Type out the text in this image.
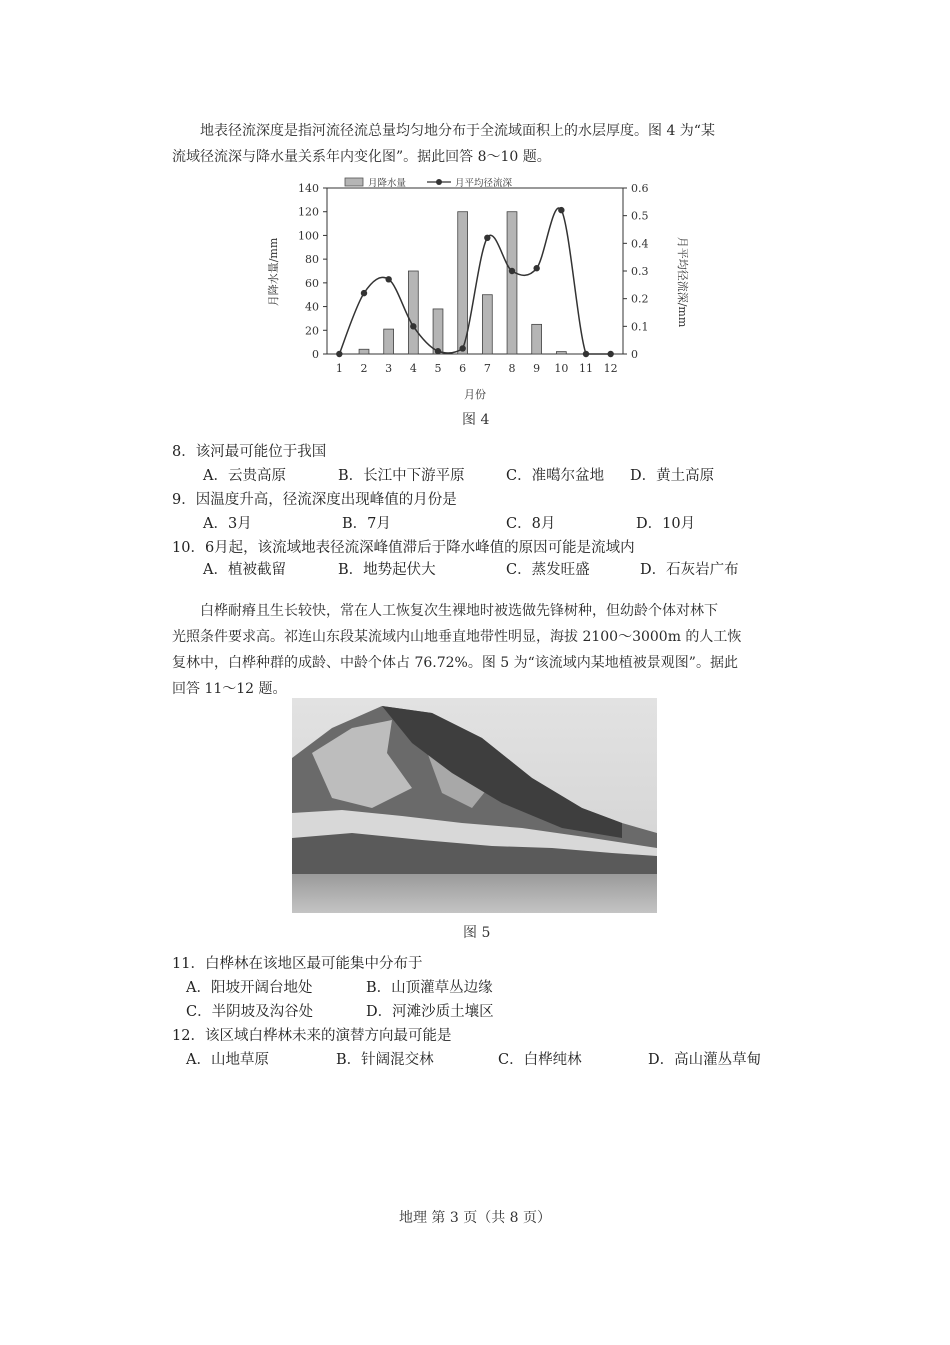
地表径流深度是指河流径流总量均匀地分布于全流域面积上的水层厚度。图 4 为“某

流域径流深与降水量关系年内变化图”。据此回答 8～10 题。
月降水量	月平均径流深
月降水量/mm	月平均径流深/mm
月份
0
20
40
60
80
100
120
140
0
0.1
0.2
0.3
0.4
0.5
0.6
1 2 3 4 5 6 7 8 9 10 11 12
图 4
8．该河最可能位于我国
A．云贵高原	B．长江中下游平原	C．准噶尔盆地 D．黄土高原
9．因温度升高，径流深度出现峰值的月份是
A．3月	B．7月	C．8月	D．10月
10．6月起，该流域地表径流深峰值滞后于降水峰值的原因可能是流域内
A．植被截留	B．地势起伏大	C．蒸发旺盛	D．石灰岩广布

白桦耐瘠且生长较快，常在人工恢复次生裸地时被选做先锋树种，但幼龄个体对林下

光照条件要求高。祁连山东段某流域内山地垂直地带性明显，海拔 2100～3000m 的人工恢
复林中，白桦种群的成龄、中龄个体占 76.72%。图 5 为“该流域内某地植被景观图”。据此
回答 11～12 题。
图 5
11．白桦林在该地区最可能集中分布于
A．阳坡开阔台地处	B．山顶灌草丛边缘
C．半阴坡及沟谷处	D．河滩沙质土壤区
12．该区域白桦林未来的演替方向最可能是
A．山地草原	B．针阔混交林	C．白桦纯林	D．高山灌丛草甸
地理 第 3 页（共 8 页）
